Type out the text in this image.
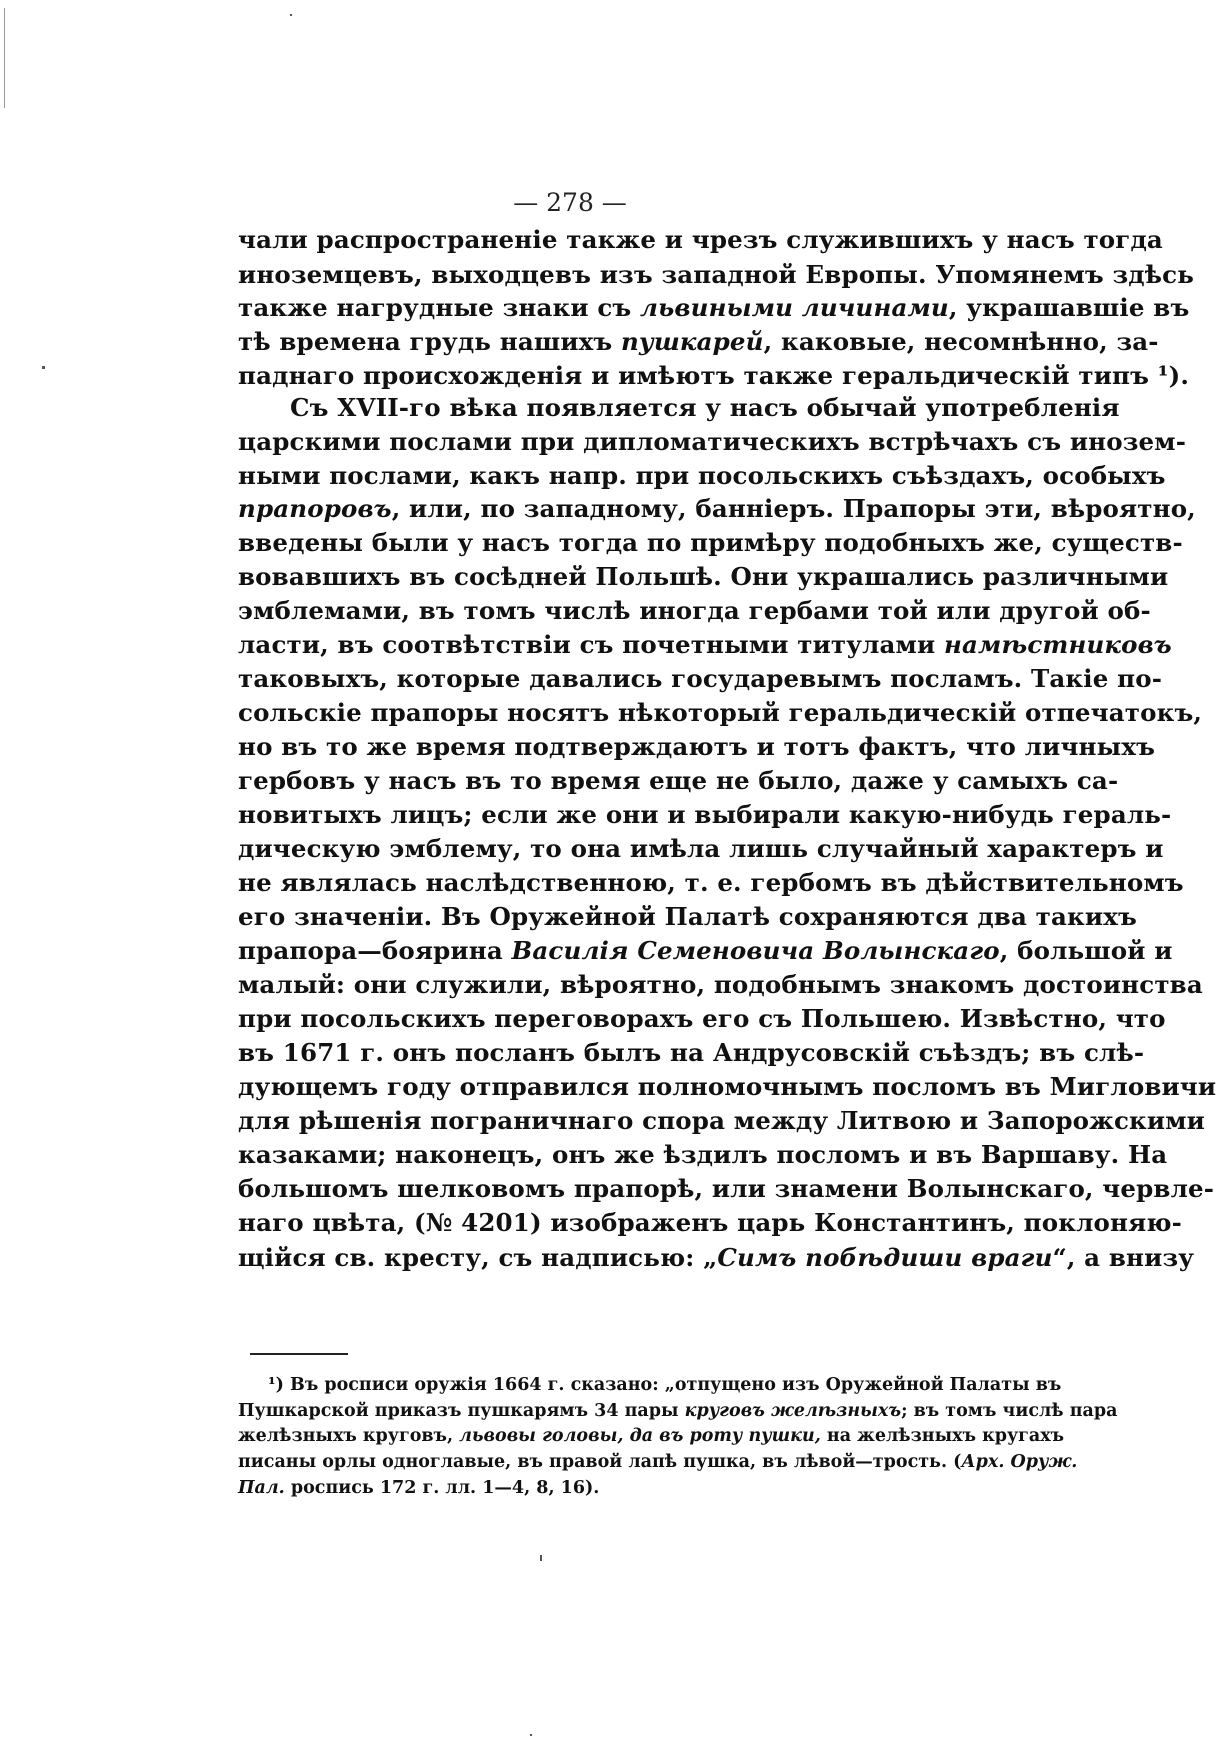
— 278 —
чали распространеніе также и чрезъ служившихъ у насъ тогда
иноземцевъ, выходцевъ изъ западной Европы. Упомянемъ здѣсь
также нагрудные знаки съ львиными личинами, украшавшіе въ
тѣ времена грудь нашихъ пушкарей, каковые, несомнѣнно, за-
паднаго происхожденія и имѣютъ также геральдическій типъ ¹).
Съ XVII-го вѣка появляется у насъ обычай употребленія
царскими послами при дипломатическихъ встрѣчахъ съ инозем-
ными послами, какъ напр. при посольскихъ съѣздахъ, особыхъ
прапоровъ, или, по западному, банніеръ. Прапоры эти, вѣроятно,
введены были у насъ тогда по примѣру подобныхъ же, существ-
вовавшихъ въ сосѣдней Польшѣ. Они украшались различными
эмблемами, въ томъ числѣ иногда гербами той или другой об-
ласти, въ соотвѣтствіи съ почетными титулами намѣстниковъ
таковыхъ, которые давались государевымъ посламъ. Такіе по-
сольскіе прапоры носятъ нѣкоторый геральдическій отпечатокъ,
но въ то же время подтверждаютъ и тотъ фактъ, что личныхъ
гербовъ у насъ въ то время еще не было, даже у самыхъ са-
новитыхъ лицъ; если же они и выбирали какую-нибудь гераль-
дическую эмблему, то она имѣла лишь случайный характеръ и
не являлась наслѣдственною, т. е. гербомъ въ дѣйствительномъ
его значеніи. Въ Оружейной Палатѣ сохраняются два такихъ
прапора—боярина Василія Семеновича Волынскаго, большой и
малый: они служили, вѣроятно, подобнымъ знакомъ достоинства
при посольскихъ переговорахъ его съ Польшею. Извѣстно, что
въ 1671 г. онъ посланъ былъ на Андрусовскій съѣздъ; въ слѣ-
дующемъ году отправился полномочнымъ посломъ въ Мигловичи
для рѣшенія пограничнаго спора между Литвою и Запорожскими
казаками; наконецъ, онъ же ѣздилъ посломъ и въ Варшаву. На
большомъ шелковомъ прапорѣ, или знамени Волынскаго, червле-
наго цвѣта, (№ 4201) изображенъ царь Константинъ, поклоняю-
щійся св. кресту, съ надписью: „Симъ побѣдиши враги“, а внизу
¹) Въ росписи оружія 1664 г. сказано: „отпущено изъ Оружейной Палаты въ
Пушкарской приказъ пушкарямъ 34 пары круговъ желѣзныхъ; въ томъ числѣ пара
желѣзныхъ круговъ, львовы головы, да въ роту пушки, на желѣзныхъ кругахъ
писаны орлы одноглавые, въ правой лапѣ пушка, въ лѣвой—трость. (Арх. Оруж.
Пал. роспись 172 г. лл. 1—4, 8, 16).
